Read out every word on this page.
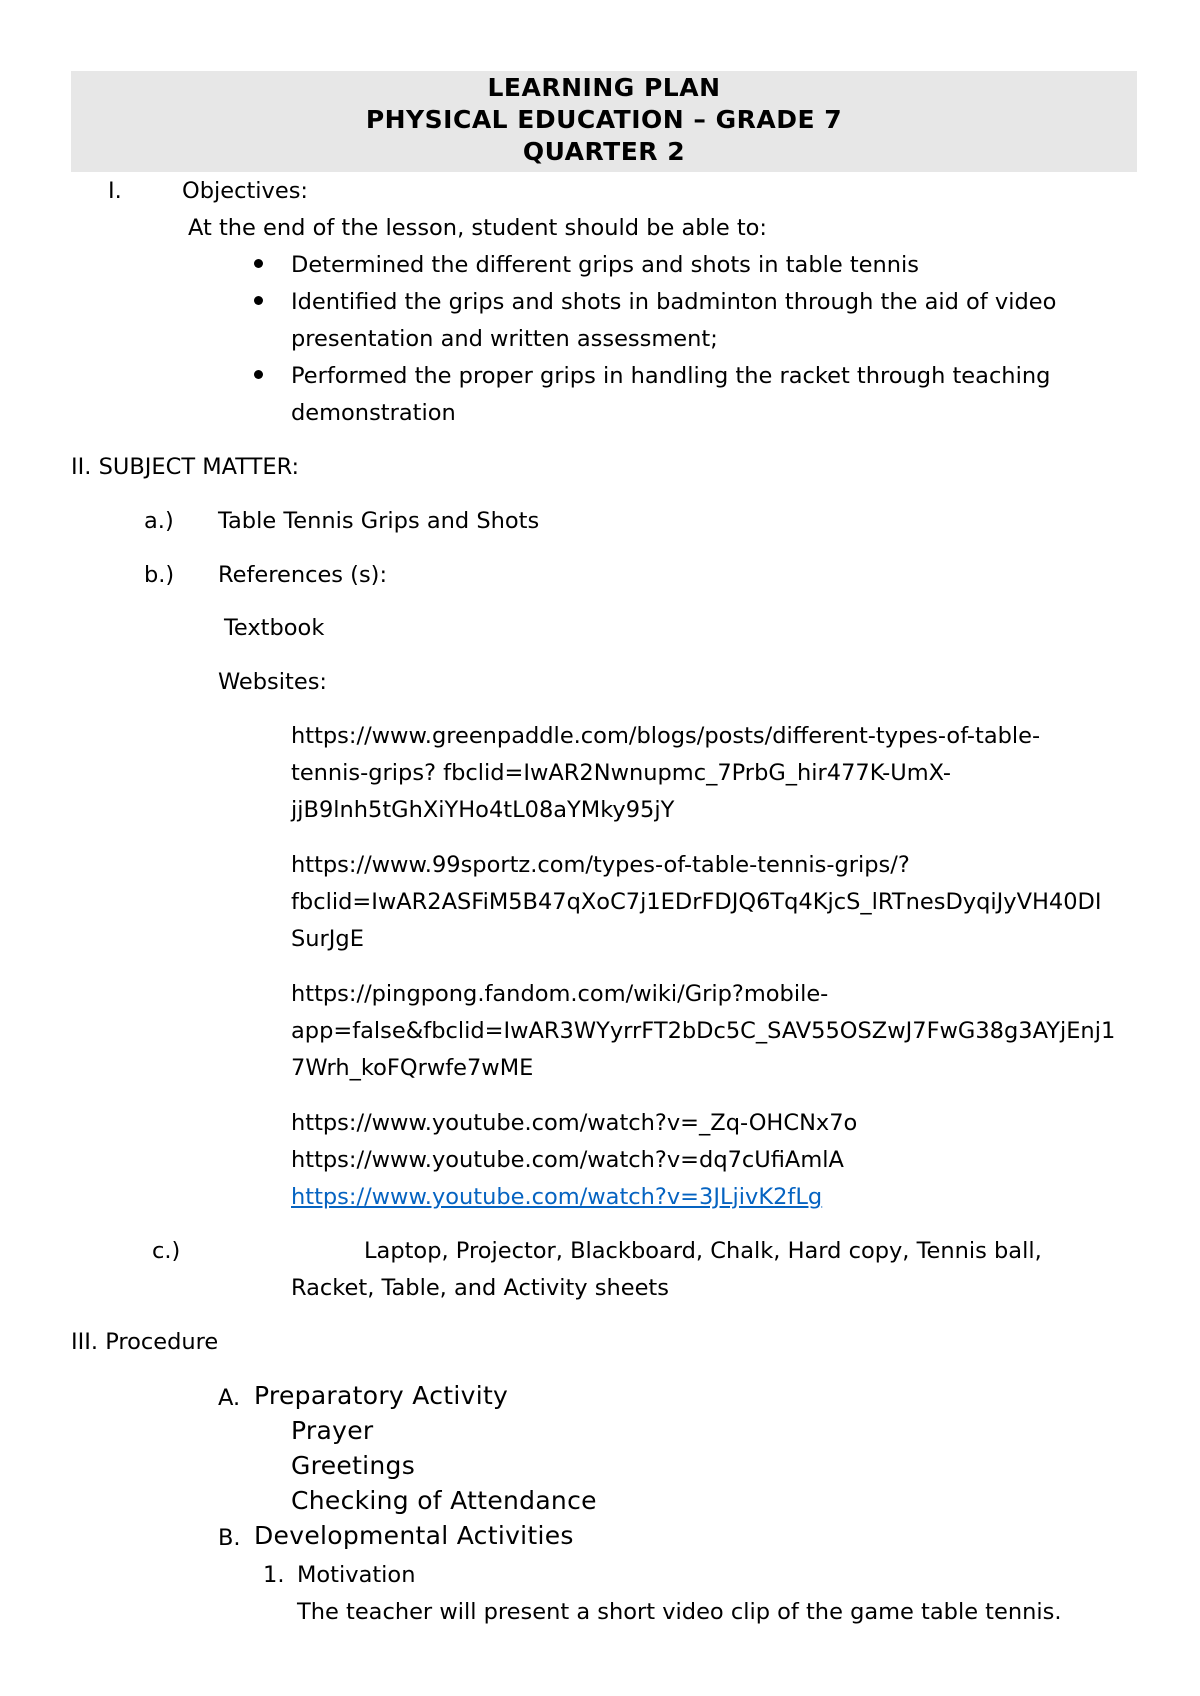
LEARNING PLAN
PHYSICAL EDUCATION – GRADE 7
QUARTER 2
I.	Objectives:
At the end of the lesson, student should be able to:
Determined the different grips and shots in table tennis
Identified the grips and shots in badminton through the aid of video
presentation and written assessment;
Performed the proper grips in handling the racket through teaching
demonstration
II. SUBJECT MATTER:
a.) Table Tennis Grips and Shots
b.) References (s):
Textbook
Websites:
https://www.greenpaddle.com/blogs/posts/different-types-of-table-
tennis-grips? fbclid=IwAR2Nwnupmc_7PrbG_hir477K-UmX-
jjB9lnh5tGhXiYHo4tL08aYMky95jY
https://www.99sportz.com/types-of-table-tennis-grips/?
fbclid=IwAR2ASFiM5B47qXoC7j1EDrFDJQ6Tq4KjcS_lRTnesDyqiJyVH40DI
SurJgE
https://pingpong.fandom.com/wiki/Grip?mobile-
app=false&fbclid=IwAR3WYyrrFT2bDc5C_SAV55OSZwJ7FwG38g3AYjEnj1
7Wrh_koFQrwfe7wME
https://www.youtube.com/watch?v=_Zq-OHCNx7o
https://www.youtube.com/watch?v=dq7cUfiAmlA
https://www.youtube.com/watch?v=3JLjivK2fLg
c.)	Laptop, Projector, Blackboard, Chalk, Hard copy, Tennis ball,
Racket, Table, and Activity sheets
III. Procedure
A. Preparatory Activity
Prayer
Greetings
Checking of Attendance
B. Developmental Activities
1. Motivation
The teacher will present a short video clip of the game table tennis.
